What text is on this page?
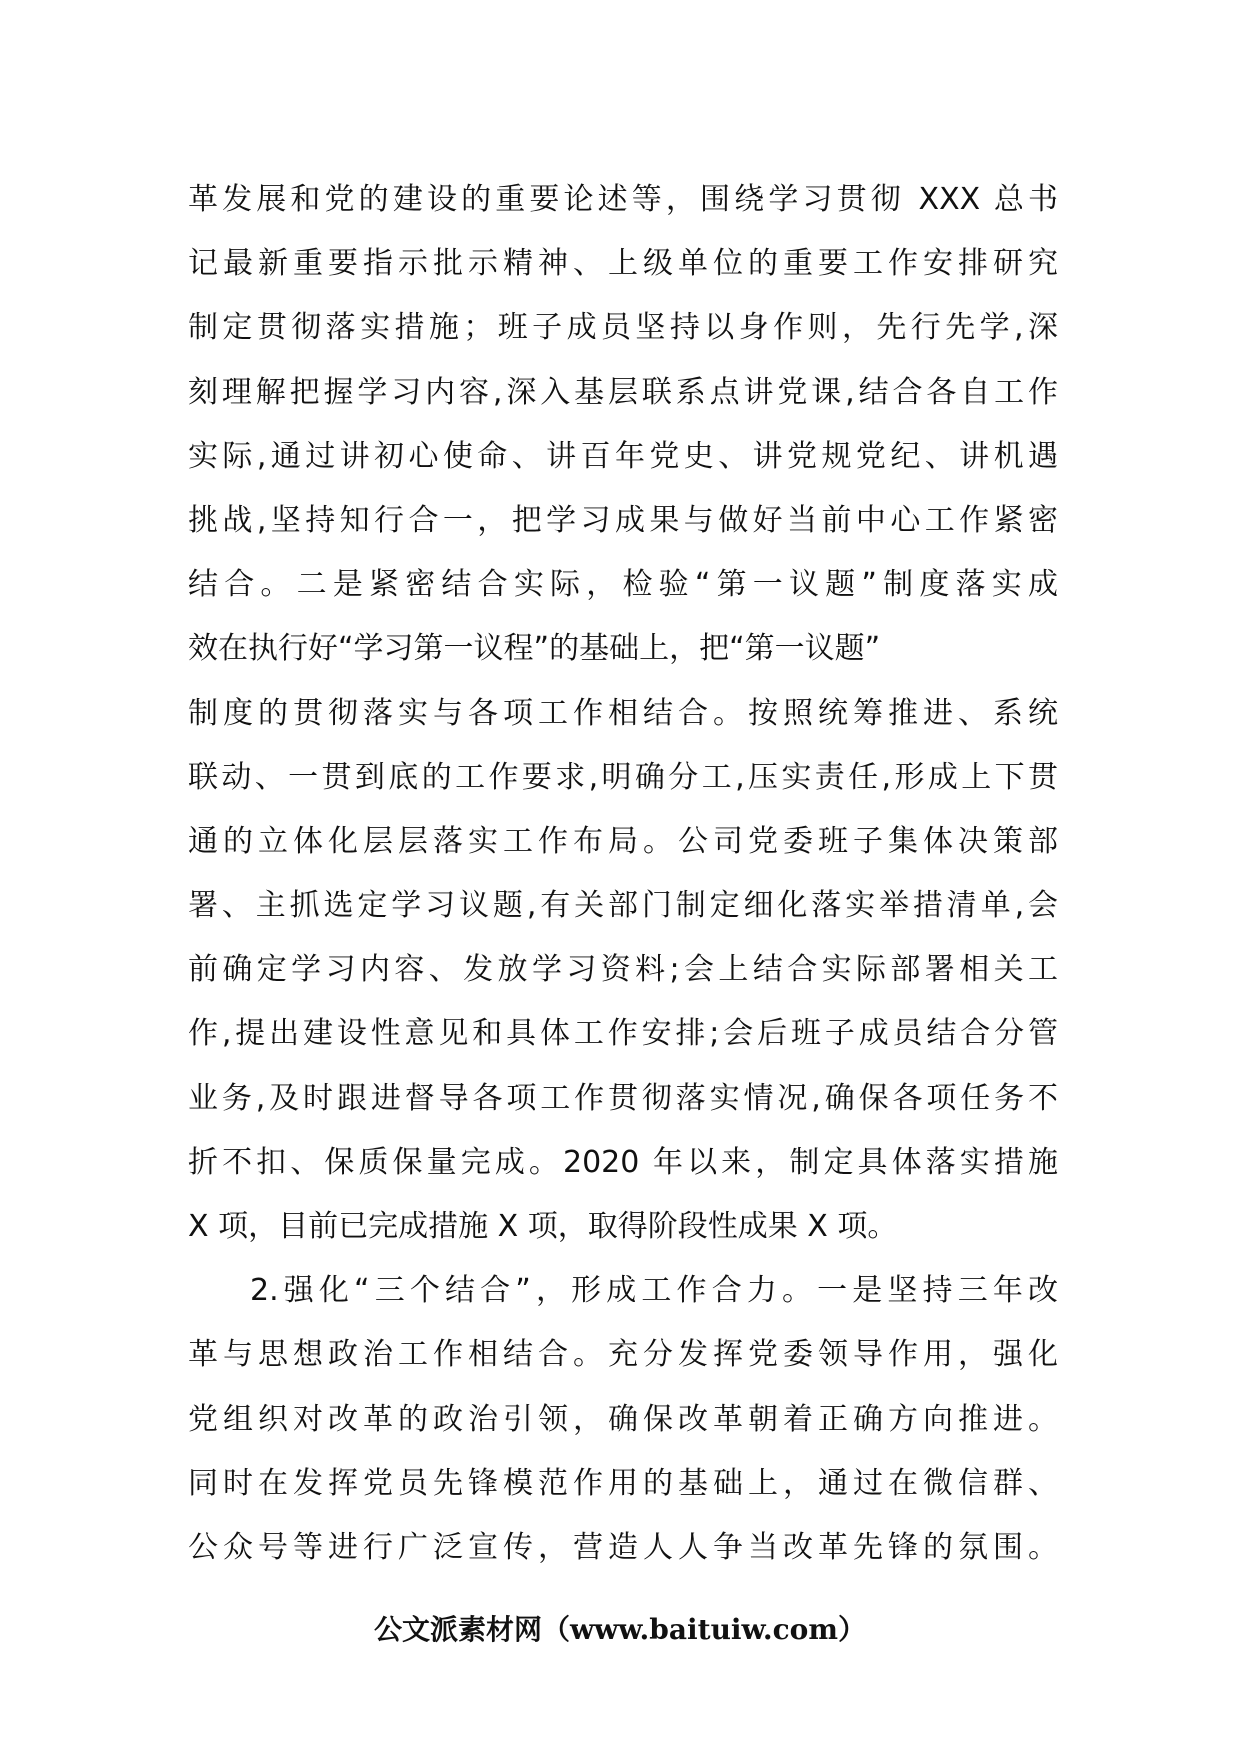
革发展和党的建设的重要论述等，围绕学习贯彻 XXX 总书
记最新重要指示批示精神、上级单位的重要工作安排研究
制定贯彻落实措施；班子成员坚持以身作则，先行先学,深
刻理解把握学习内容,深入基层联系点讲党课,结合各自工作
实际,通过讲初心使命、讲百年党史、讲党规党纪、讲机遇
挑战,坚持知行合一，把学习成果与做好当前中心工作紧密
结合。二是紧密结合实际，检验“第一议题”制度落实成
效在执行好“学习第一议程”的基础上，把“第一议题”
制度的贯彻落实与各项工作相结合。按照统筹推进、系统
联动、一贯到底的工作要求,明确分工,压实责任,形成上下贯
通的立体化层层落实工作布局。公司党委班子集体决策部
署、主抓选定学习议题,有关部门制定细化落实举措清单,会
前确定学习内容、发放学习资料;会上结合实际部署相关工
作,提出建设性意见和具体工作安排;会后班子成员结合分管
业务,及时跟进督导各项工作贯彻落实情况,确保各项任务不
折不扣、保质保量完成。2020 年以来，制定具体落实措施
X 项，目前已完成措施 X 项，取得阶段性成果 X 项。
2.强化“三个结合”，形成工作合力。一是坚持三年改
革与思想政治工作相结合。充分发挥党委领导作用，强化
党组织对改革的政治引领，确保改革朝着正确方向推进。
同时在发挥党员先锋模范作用的基础上，通过在微信群、
公众号等进行广泛宣传，营造人人争当改革先锋的氛围。
公文派素材网（www.baituiw.com）
